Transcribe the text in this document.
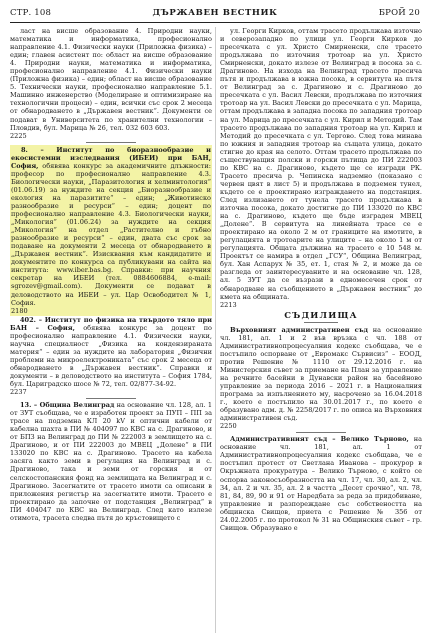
ДЪРЖАВЕН ВЕСТНИК
СТР. 108	БРОЙ 20

ласт на висше образование 4. Природни науки, математика и информатика, професионално направление 4.1. Физически науки (Приложна физика) – един; главен асистент по: област на висше образование 4. Природни науки, математика и информатика, професионално направление 4.1. Физически науки (Приложна физика) – един; област на висше образование 5. Технически науки, професионално направление 5.1. Машинно инженерство (Моделиране и оптимизиране на технологични процеси) – един, всички със срок 2 месеца от обнародването в „Държавен вестник“. Документи се подават в Университета по хранителни технологии – Пловдив, бул. Марица № 26, тел. 032 603 603.

2225

8. – Институт по биоразнообразие и екосистемни изследвания (ИБЕИ) при БАН, София, обявява конкурс за академичните длъжности: професор по професионално направление 4.3. Биологически науки, „Паразитология и хелминтология“ (01.06.19) за нуждите на секция „Биоразнообразие и екология на паразитите“ – един; „Животинско разнообразие и ресурси“ – един; доцент по професионално направление 4.3. Биологически науки, „Микология“ (01.06.24) за нуждите на секция „Микология“ на отдел „Растително и гъбно разнообразие и ресурси“ – един, двата със срок за подаване на документи 2 месеца от обнародването в „Държавен вестник“. Изисквания към кандидатите и документите по конкурса са публикувани на сайта на института: www.iber.bas.bg. Справки: при научния секретар на ИБЕИ (тел. 0884606884, e-mail: sgrozev@gmail.com). Документи се подават в деловодството на ИБЕИ – ул. Цар Освободител № 1, София.

2180

402. – Институт по физика на твърдото тяло при БАН – София, обявява конкурс за доцент по професионално направление 4.1. Физически науки, научна специалност „Физика на кондензираната материя“ – един за нуждите на лаборатория „Физични проблеми на микроелектрониката“ със срок 2 месеца от обнародването в „Държавен вестник“. Справки и документи – в деловодството на института – София 1784, бул. Цариградско шосе № 72, тел. 02/877-34-92.

2237

13. – Община Велинград на основание чл. 128, ал. 1 от ЗУТ съобщава, че е изработен проект за ПУП – ПП за трасе на подземна КЛ 20 kV и оптични кабели от кабелна шахта в ПИ № 404097 по КВС на с. Драгиново, и от БПЗ на Велинград до ПИ № 222003 в землището на с. Драгиново, и от ПИ 222003 до МВЕЦ „Долене“ в ПИ 133020 по КВС на с. Драгиново. Трасето на кабела засяга както земи в регулация на Велинград и с. Драгиново, така и земи от горския и от селскостопанския фонд на землищата на Велинград и с. Драгиново. Засегнатите от трасето имоти са описани в приложения регистър на засегнатите имоти. Трасето е проектирано да започне от подстанция „Велинград“ в ПИ 404047 по КВС на Велинград. След като излезе отимота, трасета следва пътя до кръстовището с

ул. Георги Кирков, оттам трасето продължава източно и северозападно по улици ул. Георги Кирков до пресечката с ул. Христо Смирненски, сле трасето продължава по източния тротоар на ул. Христо Смирненски, докато излезе от Велинград в посока за с. Драгиново. На изхода на Велинград трасето пресича пътя и продължава в южна посока, в сервитута на пътя от Велинград за с. Драгиново и с. Драгиново до пресечката с ул. Васил Левски, продължава по източния тротоар на ул. Васил Левски до пресечката с ул. Марица, оттам продължава в западна посока по западния тротоар на ул. Марица до пресечката с ул. Кирил и Методий. Там трасето продължава по западния тротоар на ул. Кирил и Методий до пресечката с ул. Тергово. След това минава по южния и западния тротоар на същата улица, докато стигне до края на селото. Оттам трасето продължава по съществуващия полски и горски пътища до ПИ 222003 по КВС на с. Драгиново, където ще се изгради РК. Трасето пресича р. Чепинска надземно (показано с червен цвят в лист 5) и продължава в подземен тунел, където се е проектирано изграждането на подстанция. След излизането от тунела трасето продължава в източна посока, докато достигне до ПИ 133020 по КВС на с. Драгиново, където ще бъде изграден МВЕЦ „Долене“. В сервитута на линейната трасе се е проектирано на около 2 м от границите на имотите, в регулацията в тротоарите на улиците – на около 1 м от регулацията. Общата дължина на трасето е 10 548 м. Проектът се намира в отдел „ГСУ“, Община Велинград, бул. Хан Аспарух № 35, ет. 1, стая № 2, и може да се разгледа от заинтересуваните и на основание чл. 128, ал. 5 ЗУТ да се възрази в едномесечен срок от обнародване на съобщението в „Държавен вестник“ до кмета на общината.

2213

СЪДИЛИЩА

Върховният административен съд на основание чл. 181, ал. 1 и 2 във връзка с чл. 188 от Административнопроцесуалния кодекс съобщава, че е постъпило оспорване от „Евромакс Сървисиз“ – ЕООД, против Решение № 1110 от 29.12.2016 г. на Министерския съвет за приемане на План за управление на речните басейни в Дунавски район на басейново управление за периода 2016 – 2021 г. в Националния програма за изпълнението му, насрочено за 16.04.2018 г., което е постъпило на 30.01.2017 г., по което е образувано адм. д. № 2258/2017 г. по описа на Върховния административен съд.

2250

Административният съд – Велико Търново, на основание чл. 181, ал. 1 от Административнопроцесуалния кодекс съобщава, че е постъпил протест от Светлана Иванова – прокурор в Окръжната прокуратура – Велико Търново, с който се оспорва законосъобразността на чл. 17, чл. 30, ал. 2, чл. 34, ал. 2 и чл. 35, ал. 2 в частта „Десет срочно“, чл. 78, 81, 84, 89, 90 и 91 от Наредбата за реда за придобиване, управление и разпореждане със собствеността на общинска Свищов, приета с Решение № 356 от 24.02.2005 г. по протокол № 31 на Общинския съвет – гр. Свищов. Образувано е
